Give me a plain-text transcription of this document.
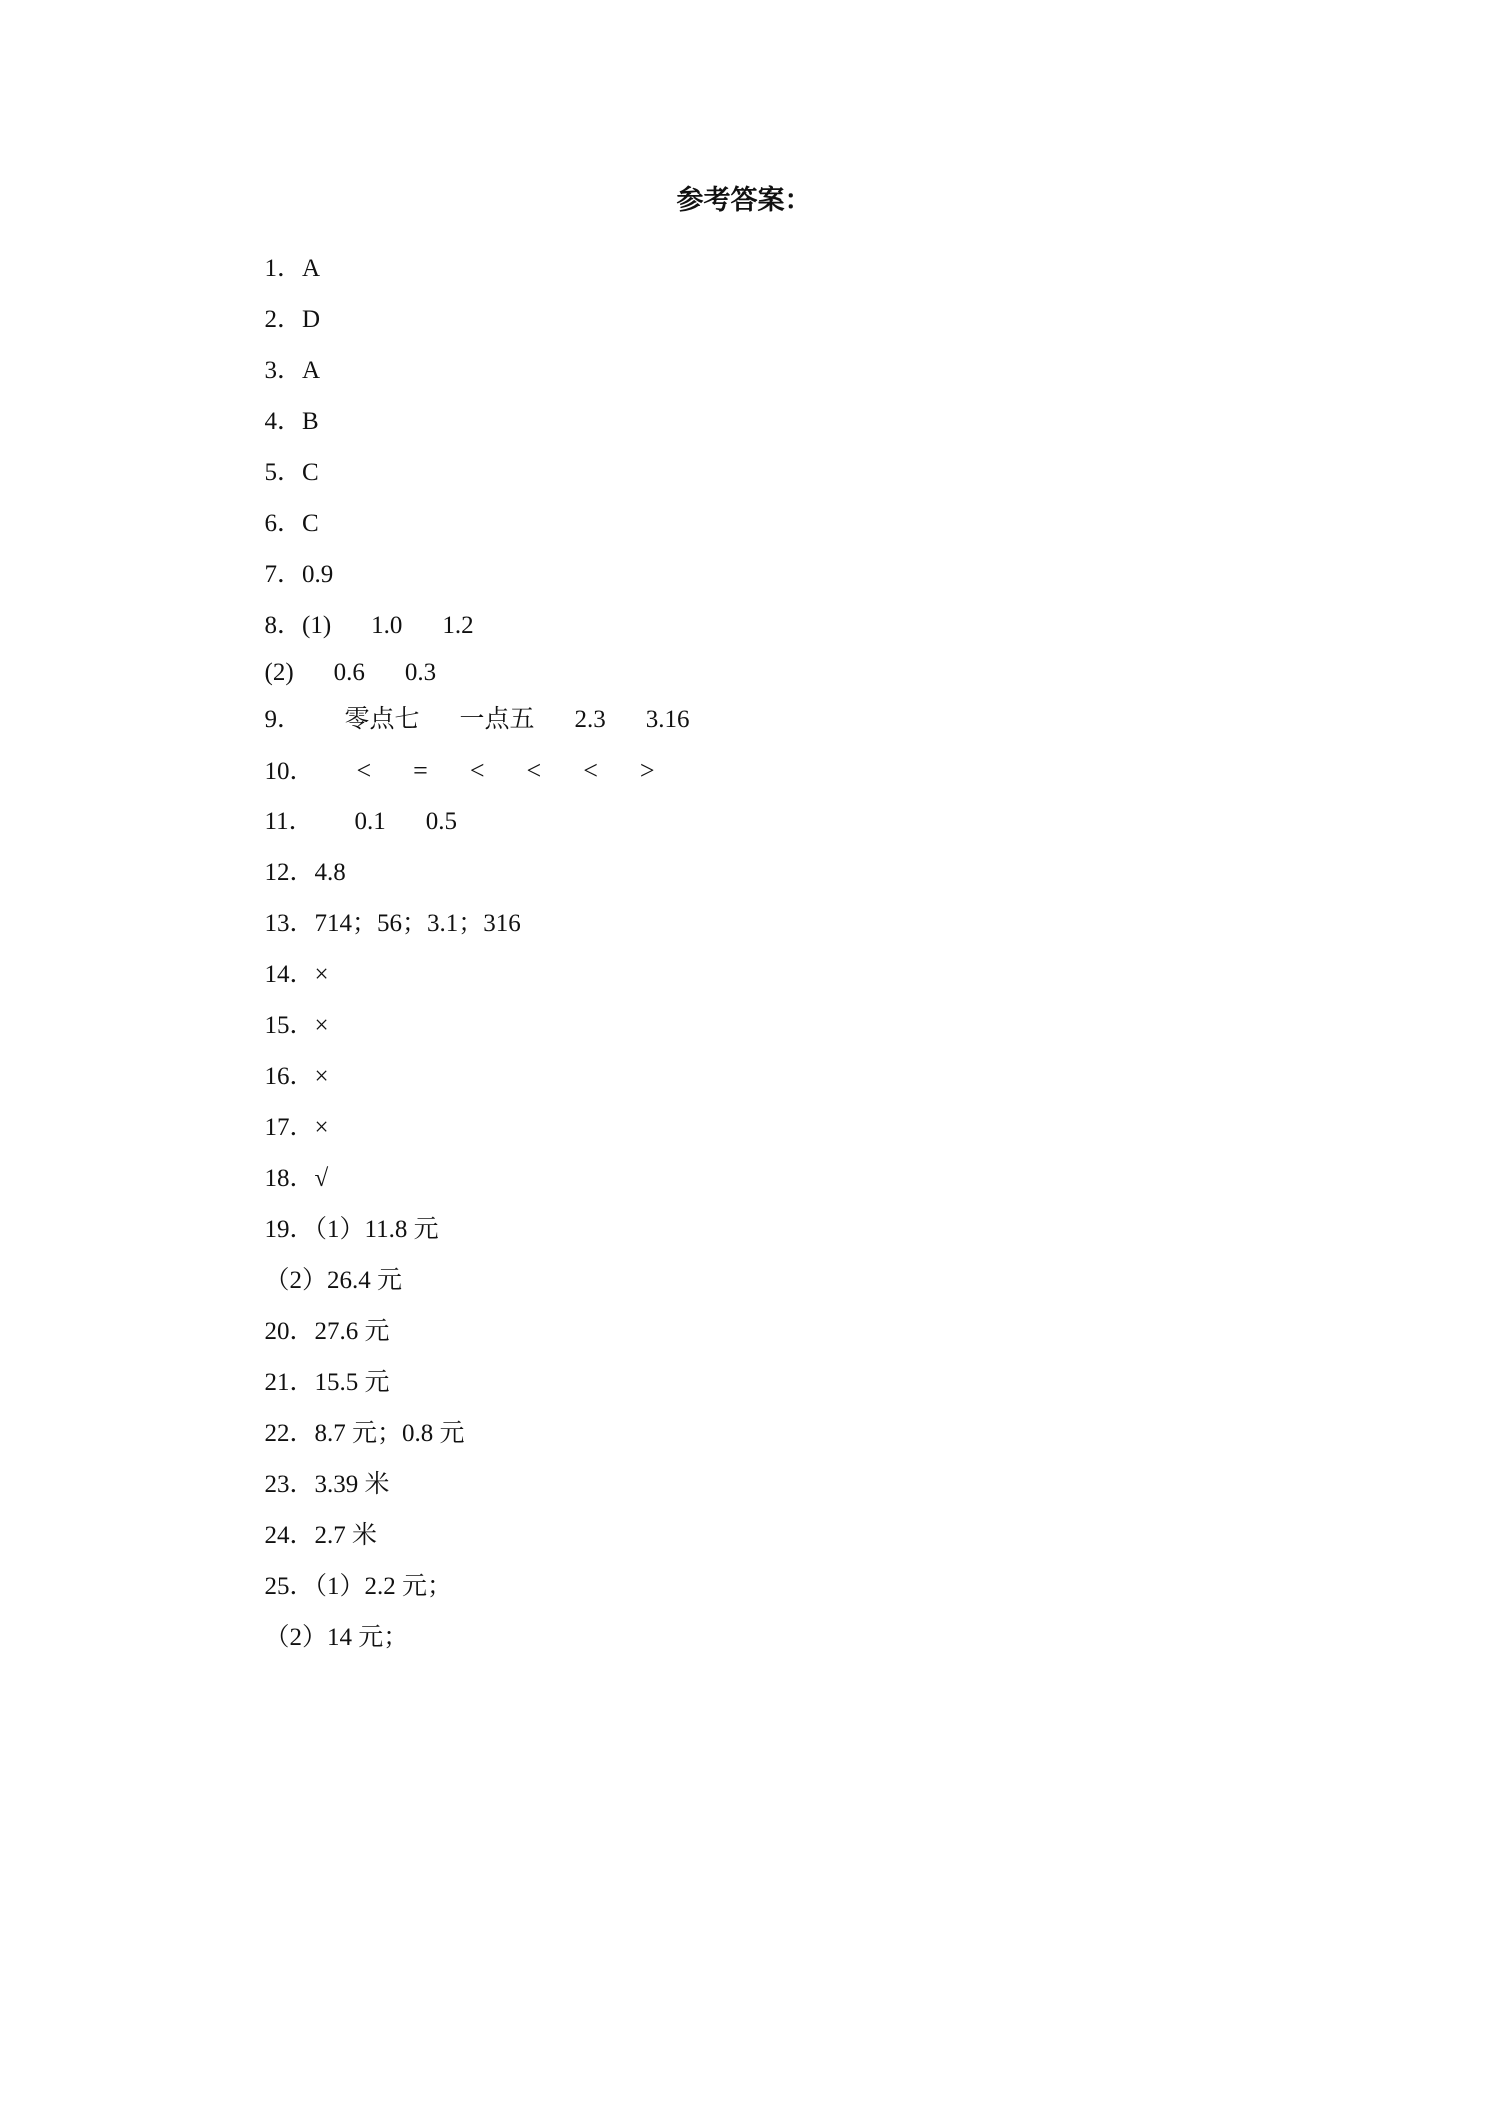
参考答案：

1．A

2．D

3．A

4．B

5．C

6．C

7．0.9

8．(1) 1.0 1.2

(2) 0.6 0.3

9． 零点七 一点五 2.3 3.16

10． < = < < < >

11． 0.1 0.5

12．4.8

13．714；56；3.1；316

14．×

15．×

16．×

17．×

18．√

19．（1）11.8 元

（2）26.4 元

20．27.6 元

21．15.5 元

22．8.7 元；0.8 元

23．3.39 米

24．2.7 米

25．（1）2.2 元；

（2）14 元；
